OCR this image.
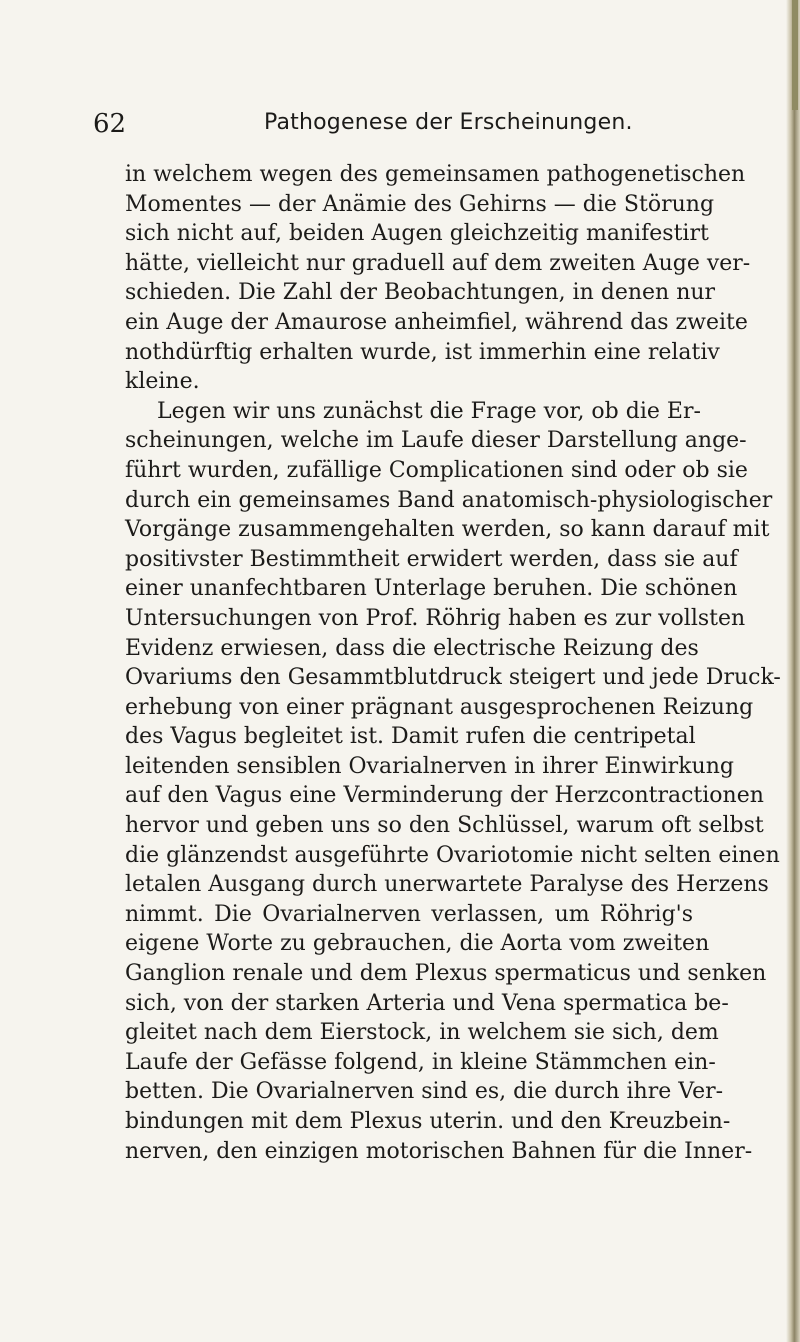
62	Pathogenese der Erscheinungen.
in welchem wegen des gemeinsamen pathogenetischen
Momentes — der Anämie des Gehirns — die Störung
sich nicht auf, beiden Augen gleichzeitig manifestirt
hätte, vielleicht nur graduell auf dem zweiten Auge ver-
schieden. Die Zahl der Beobachtungen, in denen nur
ein Auge der Amaurose anheimfiel, während das zweite
nothdürftig erhalten wurde, ist immerhin eine relativ
kleine.
Legen wir uns zunächst die Frage vor, ob die Er-
scheinungen, welche im Laufe dieser Darstellung ange-
führt wurden, zufällige Complicationen sind oder ob sie
durch ein gemeinsames Band anatomisch-physiologischer
Vorgänge zusammengehalten werden, so kann darauf mit
positivster Bestimmtheit erwidert werden, dass sie auf
einer unanfechtbaren Unterlage beruhen. Die schönen
Untersuchungen von Prof. Röhrig haben es zur vollsten
Evidenz erwiesen, dass die electrische Reizung des
Ovariums den Gesammtblutdruck steigert und jede Druck-
erhebung von einer prägnant ausgesprochenen Reizung
des Vagus begleitet ist. Damit rufen die centripetal
leitenden sensiblen Ovarialnerven in ihrer Einwirkung
auf den Vagus eine Verminderung der Herzcontractionen
hervor und geben uns so den Schlüssel, warum oft selbst
die glänzendst ausgeführte Ovariotomie nicht selten einen
letalen Ausgang durch unerwartete Paralyse des Herzens
nimmt. Die Ovarialnerven verlassen, um Röhrig's
eigene Worte zu gebrauchen, die Aorta vom zweiten
Ganglion renale und dem Plexus spermaticus und senken
sich, von der starken Arteria und Vena spermatica be-
gleitet nach dem Eierstock, in welchem sie sich, dem
Laufe der Gefässe folgend, in kleine Stämmchen ein-
betten. Die Ovarialnerven sind es, die durch ihre Ver-
bindungen mit dem Plexus uterin. und den Kreuzbein-
nerven, den einzigen motorischen Bahnen für die Inner-
